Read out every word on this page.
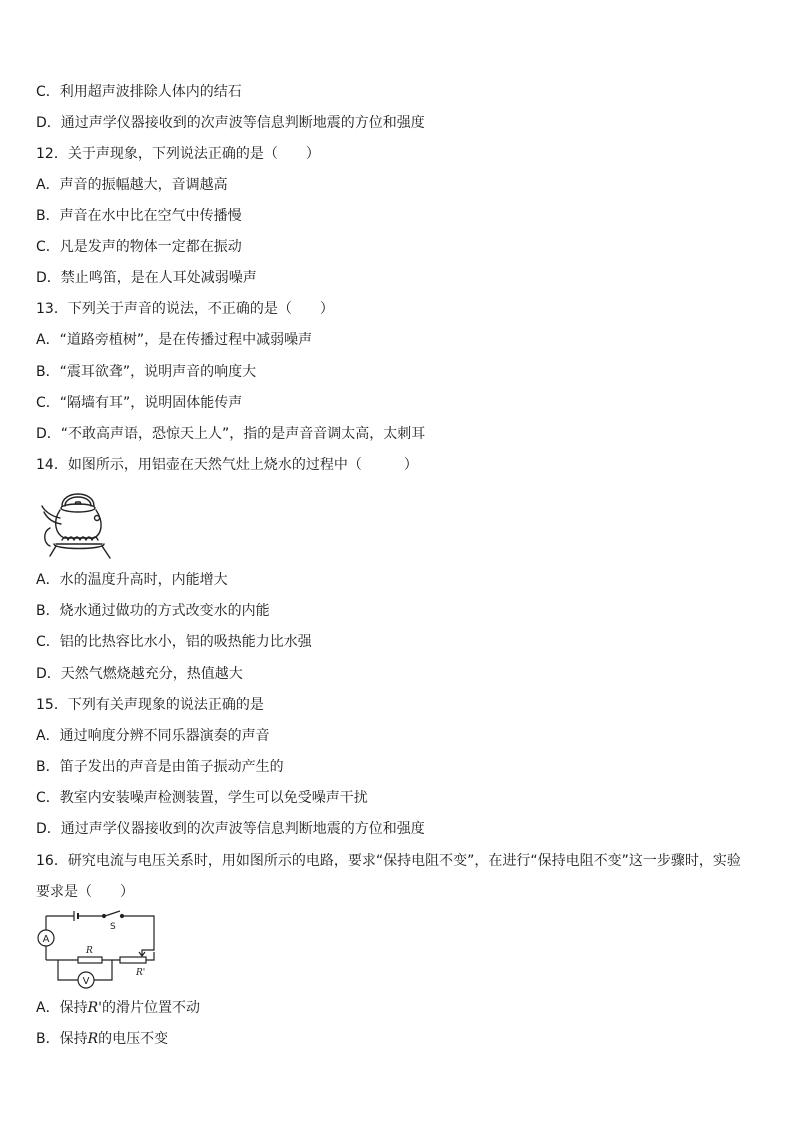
C．利用超声波排除人体内的结石
D．通过声学仪器接收到的次声波等信息判断地震的方位和强度
12．关于声现象，下列说法正确的是（　　）
A．声音的振幅越大，音调越高
B．声音在水中比在空气中传播慢
C．凡是发声的物体一定都在振动
D．禁止鸣笛，是在人耳处减弱噪声
13．下列关于声音的说法，不正确的是（　　）
A．“道路旁植树”，是在传播过程中减弱噪声
B．“震耳欲聋”，说明声音的响度大
C．“隔墙有耳”，说明固体能传声
D．“不敢高声语，恐惊天上人”，指的是声音音调太高，太刺耳
14．如图所示，用铝壶在天然气灶上烧水的过程中（　　　）
A．水的温度升高时，内能增大
B．烧水通过做功的方式改变水的内能
C．铝的比热容比水小，铝的吸热能力比水强
D．天然气燃烧越充分，热值越大
15．下列有关声现象的说法正确的是
A．通过响度分辨不同乐器演奏的声音
B．笛子发出的声音是由笛子振动产生的
C．教室内安装噪声检测装置，学生可以免受噪声干扰
D．通过声学仪器接收到的次声波等信息判断地震的方位和强度
16．研究电流与电压关系时，用如图所示的电路，要求“保持电阻不变”，在进行“保持电阻不变”这一步骤时，实验
要求是（　　）
A
V
S
R
R'
A．保持R'的滑片位置不动
B．保持R的电压不变
